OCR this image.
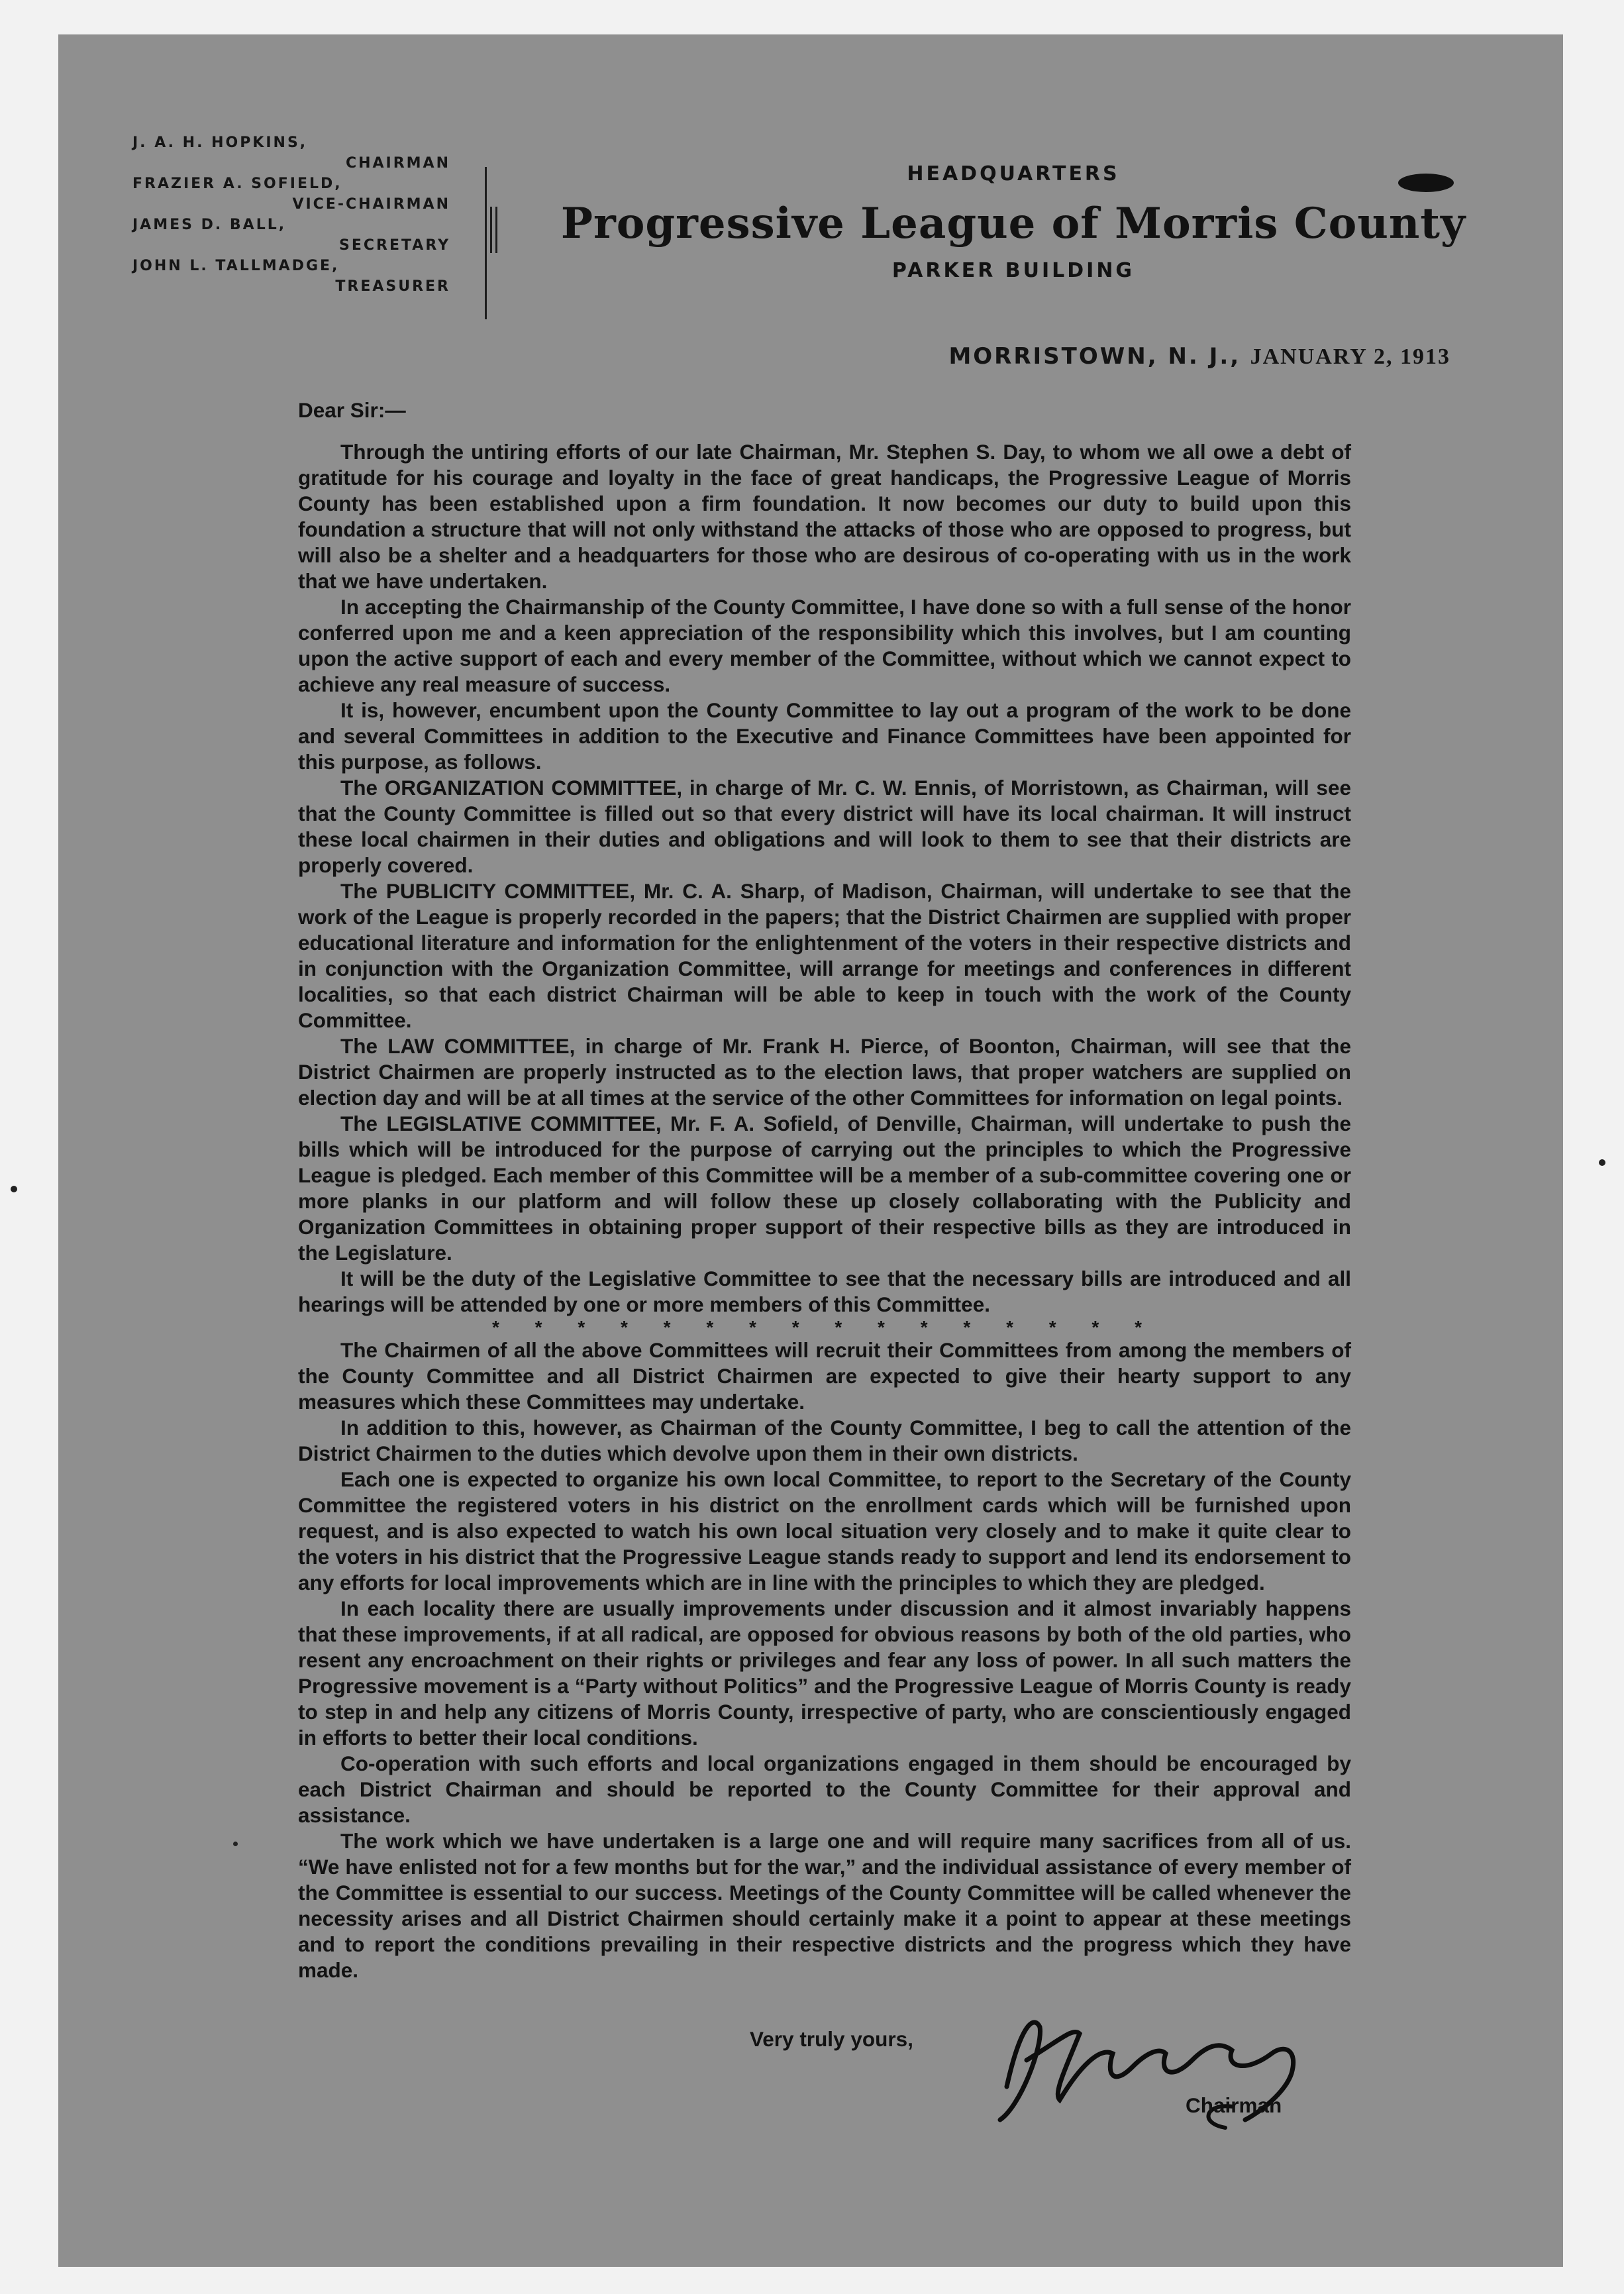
J. A. H. HOPKINS,
CHAIRMAN
FRAZIER A. SOFIELD,
VICE-CHAIRMAN
JAMES D. BALL,
SECRETARY
JOHN L. TALLMADGE,
TREASURER
HEADQUARTERS
Progressive League of Morris County
PARKER BUILDING
MORRISTOWN, N. J., JANUARY 2, 1913
Dear Sir:—

Through the untiring efforts of our late Chairman, Mr. Stephen S. Day, to whom we all owe a debt of gratitude for his courage and loyalty in the face of great handicaps, the Progressive League of Morris County has been established upon a firm foundation. It now becomes our duty to build upon this foundation a structure that will not only withstand the attacks of those who are opposed to progress, but will also be a shelter and a headquarters for those who are desirous of co-operating with us in the work that we have undertaken.

In accepting the Chairmanship of the County Committee, I have done so with a full sense of the honor conferred upon me and a keen appreciation of the responsibility which this involves, but I am counting upon the active support of each and every member of the Committee, without which we cannot expect to achieve any real measure of success.

It is, however, encumbent upon the County Committee to lay out a program of the work to be done and several Committees in addition to the Executive and Finance Committees have been appointed for this purpose, as follows.

The ORGANIZATION COMMITTEE, in charge of Mr. C. W. Ennis, of Morristown, as Chairman, will see that the County Committee is filled out so that every district will have its local chairman. It will instruct these local chairmen in their duties and obligations and will look to them to see that their districts are properly covered.

The PUBLICITY COMMITTEE, Mr. C. A. Sharp, of Madison, Chairman, will undertake to see that the work of the League is properly recorded in the papers; that the District Chairmen are supplied with proper educational literature and information for the enlightenment of the voters in their respective districts and in conjunction with the Organization Committee, will arrange for meetings and conferences in different localities, so that each district Chairman will be able to keep in touch with the work of the County Committee.

The LAW COMMITTEE, in charge of Mr. Frank H. Pierce, of Boonton, Chairman, will see that the District Chairmen are properly instructed as to the election laws, that proper watchers are supplied on election day and will be at all times at the service of the other Committees for information on legal points.

The LEGISLATIVE COMMITTEE, Mr. F. A. Sofield, of Denville, Chairman, will undertake to push the bills which will be introduced for the purpose of carrying out the principles to which the Progressive League is pledged. Each member of this Committee will be a member of a sub-committee covering one or more planks in our platform and will follow these up closely collaborating with the Publicity and Organization Committees in obtaining proper support of their respective bills as they are introduced in the Legislature.

It will be the duty of the Legislative Committee to see that the necessary bills are introduced and all hearings will be attended by one or more members of this Committee.

* * * * * * * * * * * * * * * *

The Chairmen of all the above Committees will recruit their Committees from among the members of the County Committee and all District Chairmen are expected to give their hearty support to any measures which these Committees may undertake.

In addition to this, however, as Chairman of the County Committee, I beg to call the attention of the District Chairmen to the duties which devolve upon them in their own districts.

Each one is expected to organize his own local Committee, to report to the Secretary of the County Committee the registered voters in his district on the enrollment cards which will be furnished upon request, and is also expected to watch his own local situation very closely and to make it quite clear to the voters in his district that the Progressive League stands ready to support and lend its endorsement to any efforts for local improvements which are in line with the principles to which they are pledged.

In each locality there are usually improvements under discussion and it almost invariably happens that these improvements, if at all radical, are opposed for obvious reasons by both of the old parties, who resent any encroachment on their rights or privileges and fear any loss of power. In all such matters the Progressive movement is a “Party without Politics” and the Progressive League of Morris County is ready to step in and help any citizens of Morris County, irrespective of party, who are conscientiously engaged in efforts to better their local conditions.

Co-operation with such efforts and local organizations engaged in them should be encouraged by each District Chairman and should be reported to the County Committee for their approval and assistance.

The work which we have undertaken is a large one and will require many sacrifices from all of us. “We have enlisted not for a few months but for the war,” and the individual assistance of every member of the Committee is essential to our success. Meetings of the County Committee will be called whenever the necessity arises and all District Chairmen should certainly make it a point to appear at these meetings and to report the conditions prevailing in their respective districts and the progress which they have made.

Very truly yours,
Chairman
